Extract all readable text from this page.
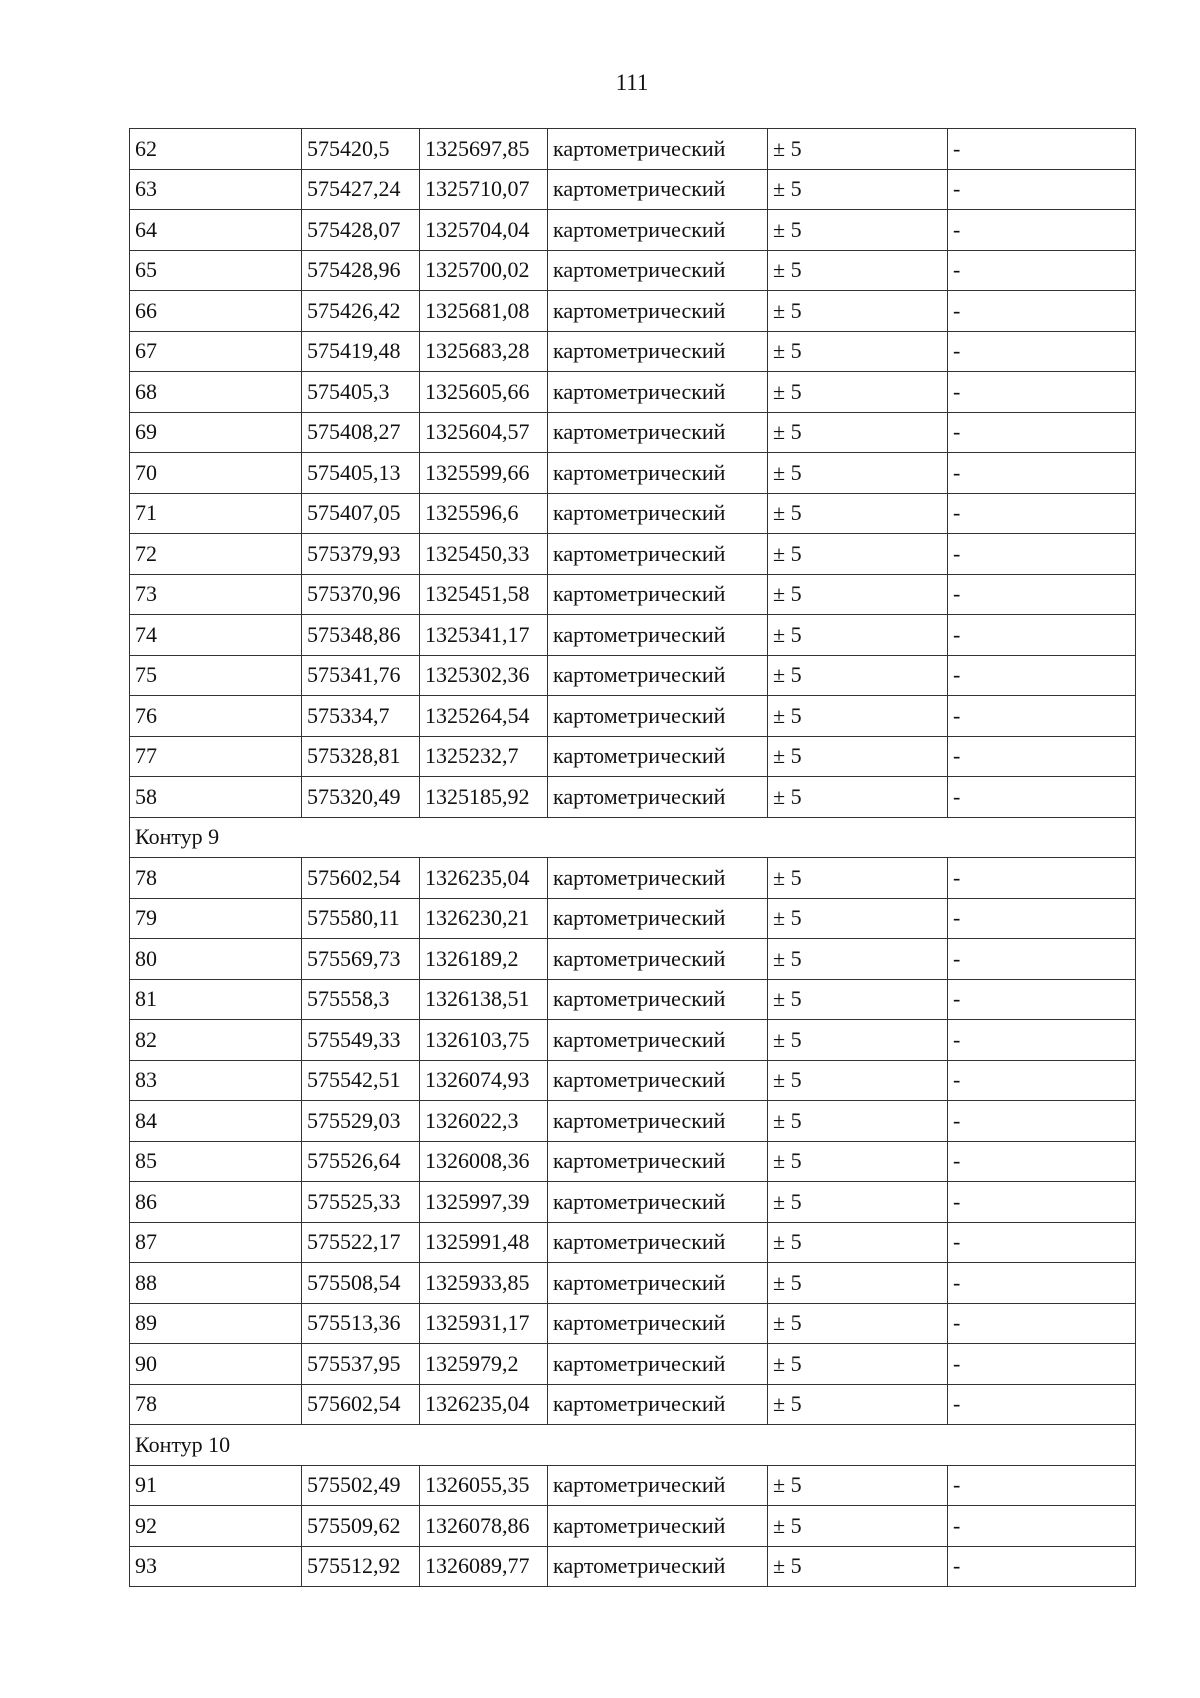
111
62	575420,5	1325697,85	картометрический	± 5	-
63	575427,24	1325710,07	картометрический	± 5	-
64	575428,07	1325704,04	картометрический	± 5	-
65	575428,96	1325700,02	картометрический	± 5	-
66	575426,42	1325681,08	картометрический	± 5	-
67	575419,48	1325683,28	картометрический	± 5	-
68	575405,3	1325605,66	картометрический	± 5	-
69	575408,27	1325604,57	картометрический	± 5	-
70	575405,13	1325599,66	картометрический	± 5	-
71	575407,05	1325596,6	картометрический	± 5	-
72	575379,93	1325450,33	картометрический	± 5	-
73	575370,96	1325451,58	картометрический	± 5	-
74	575348,86	1325341,17	картометрический	± 5	-
75	575341,76	1325302,36	картометрический	± 5	-
76	575334,7	1325264,54	картометрический	± 5	-
77	575328,81	1325232,7	картометрический	± 5	-
58	575320,49	1325185,92	картометрический	± 5	-
Контур 9					
78	575602,54	1326235,04	картометрический	± 5	-
79	575580,11	1326230,21	картометрический	± 5	-
80	575569,73	1326189,2	картометрический	± 5	-
81	575558,3	1326138,51	картометрический	± 5	-
82	575549,33	1326103,75	картометрический	± 5	-
83	575542,51	1326074,93	картометрический	± 5	-
84	575529,03	1326022,3	картометрический	± 5	-
85	575526,64	1326008,36	картометрический	± 5	-
86	575525,33	1325997,39	картометрический	± 5	-
87	575522,17	1325991,48	картометрический	± 5	-
88	575508,54	1325933,85	картометрический	± 5	-
89	575513,36	1325931,17	картометрический	± 5	-
90	575537,95	1325979,2	картометрический	± 5	-
78	575602,54	1326235,04	картометрический	± 5	-
Контур 10					
91	575502,49	1326055,35	картометрический	± 5	-
92	575509,62	1326078,86	картометрический	± 5	-
93	575512,92	1326089,77	картометрический	± 5	-
